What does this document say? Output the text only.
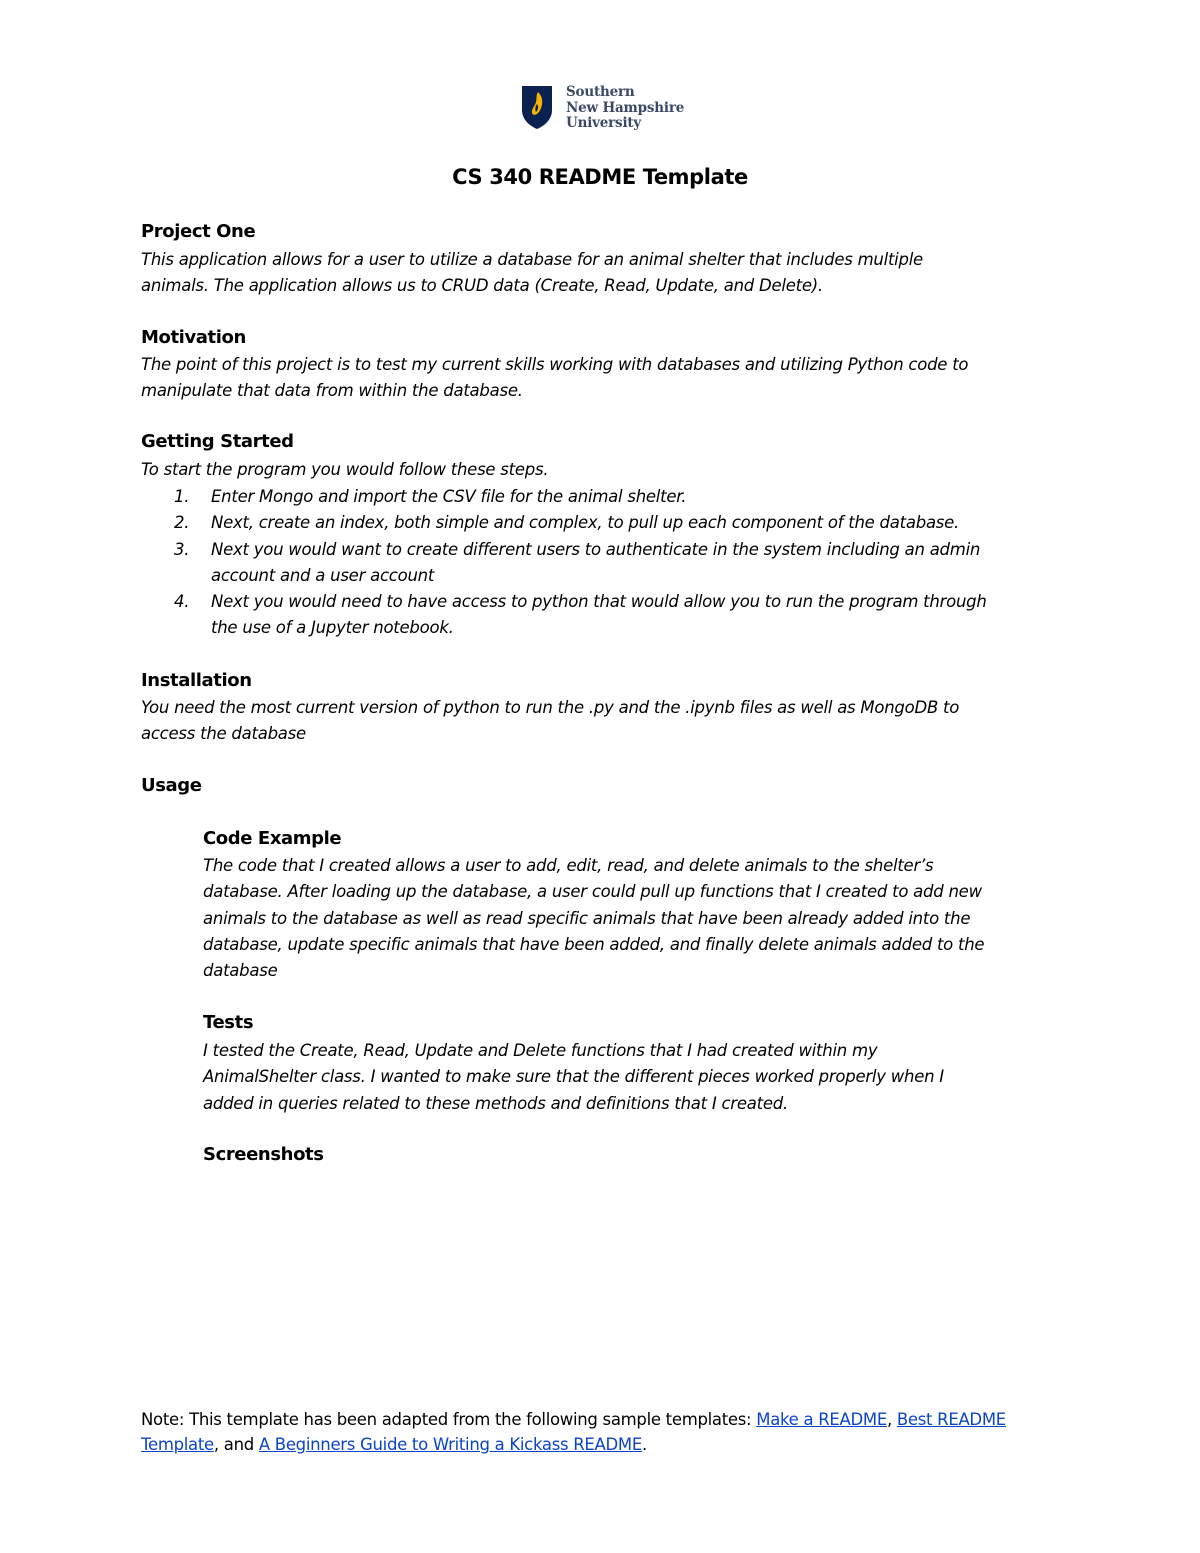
Southern
New Hampshire
University
CS 340 README Template
Project One
This application allows for a user to utilize a database for an animal shelter that includes multiple
animals. The application allows us to CRUD data (Create, Read, Update, and Delete).
Motivation
The point of this project is to test my current skills working with databases and utilizing Python code to
manipulate that data from within the database.
Getting Started
To start the program you would follow these steps.
1.	Enter Mongo and import the CSV file for the animal shelter.
2.	Next, create an index, both simple and complex, to pull up each component of the database.
3.	Next you would want to create different users to authenticate in the system including an admin
account and a user account
4.	Next you would need to have access to python that would allow you to run the program through
the use of a Jupyter notebook.
Installation
You need the most current version of python to run the .py and the .ipynb files as well as MongoDB to
access the database
Usage
Code Example
The code that I created allows a user to add, edit, read, and delete animals to the shelter’s
database. After loading up the database, a user could pull up functions that I created to add new
animals to the database as well as read specific animals that have been already added into the
database, update specific animals that have been added, and finally delete animals added to the
database
Tests
I tested the Create, Read, Update and Delete functions that I had created within my
AnimalShelter class. I wanted to make sure that the different pieces worked properly when I
added in queries related to these methods and definitions that I created.
Screenshots
Note: This template has been adapted from the following sample templates: Make a README, Best README
Template, and A Beginners Guide to Writing a Kickass README.
